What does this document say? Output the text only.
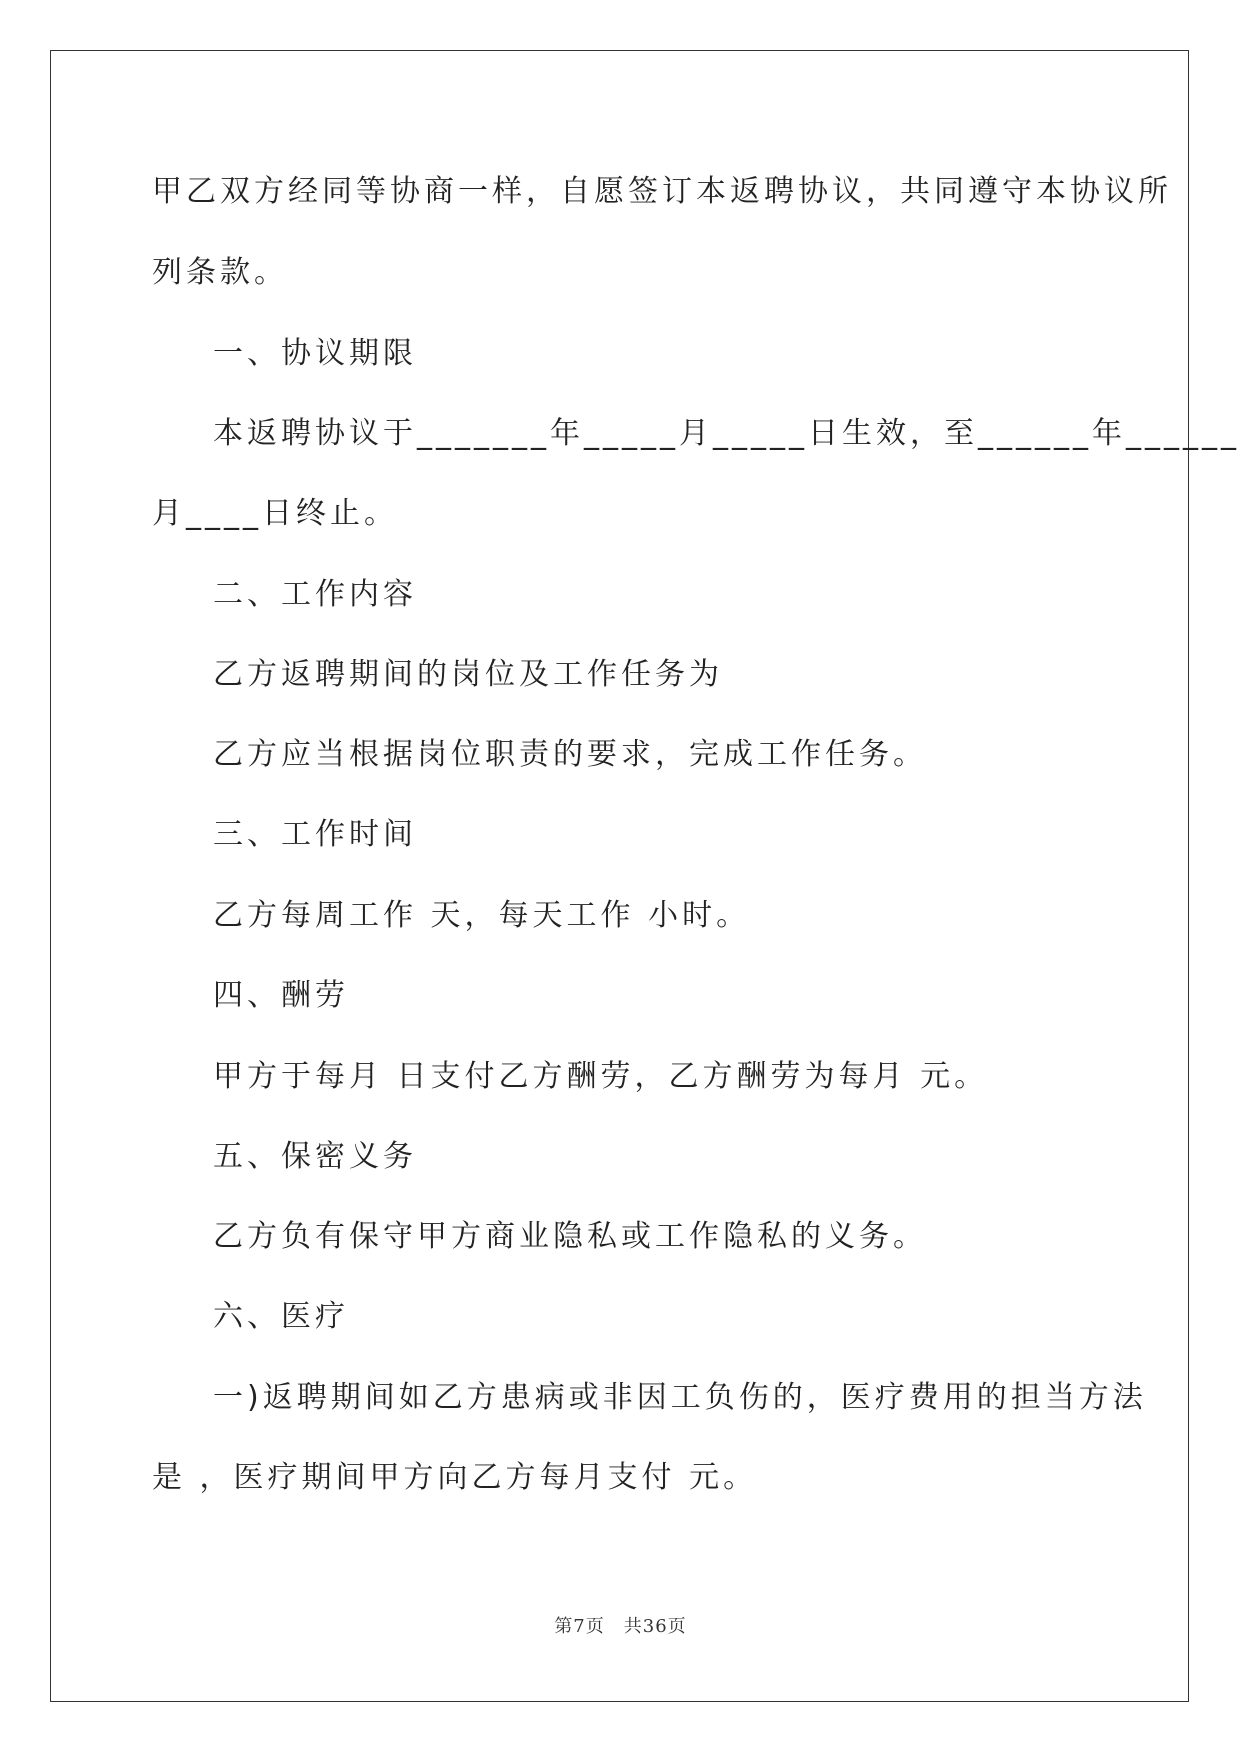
甲乙双方经同等协商一样，自愿签订本返聘协议，共同遵守本协议所

列条款。

一、协议期限

本返聘协议于_______年_____月_____日生效，至______年______

月____日终止。

二、工作内容

乙方返聘期间的岗位及工作任务为

乙方应当根据岗位职责的要求，完成工作任务。

三、工作时间

乙方每周工作 天，每天工作 小时。

四、酬劳

甲方于每月 日支付乙方酬劳，乙方酬劳为每月 元。

五、保密义务

乙方负有保守甲方商业隐私或工作隐私的义务。

六、医疗

一)返聘期间如乙方患病或非因工负伤的，医疗费用的担当方法

是 ，医疗期间甲方向乙方每月支付 元。

第7页　共36页
